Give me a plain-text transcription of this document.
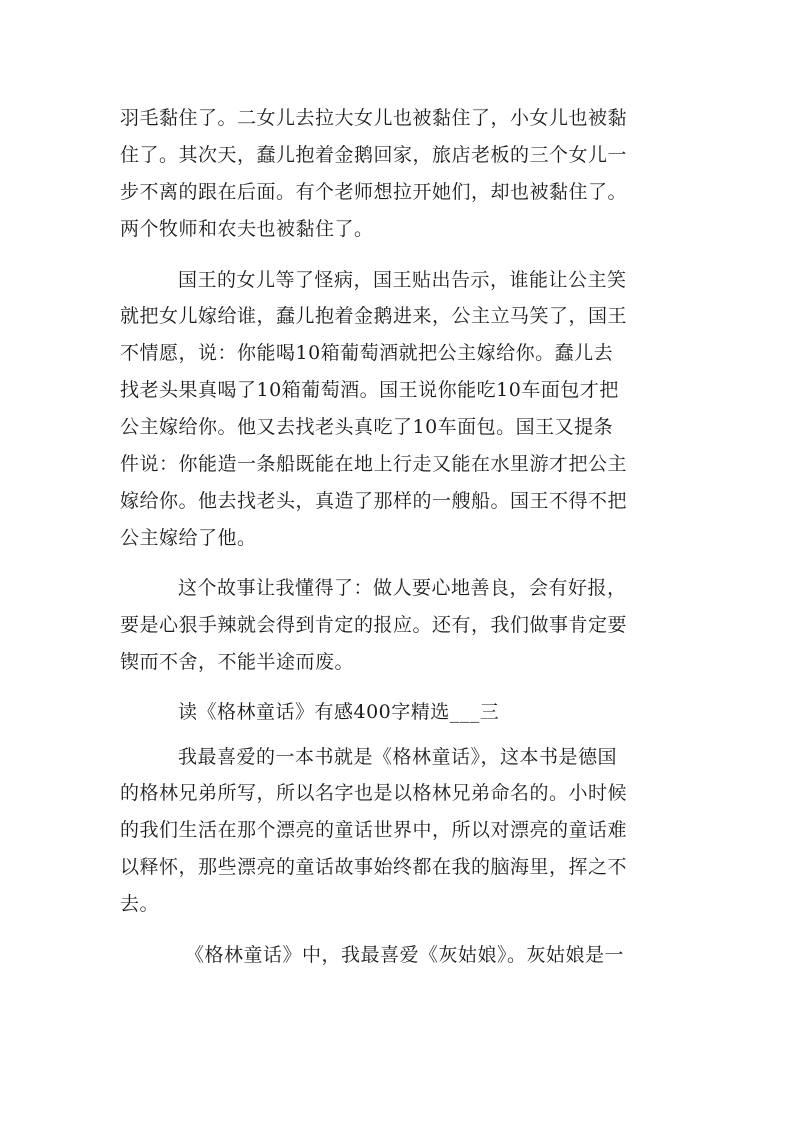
羽毛黏住了。二女儿去拉大女儿也被黏住了，小女儿也被黏
住了。其次天，蠢儿抱着金鹅回家，旅店老板的三个女儿一
步不离的跟在后面。有个老师想拉开她们，却也被黏住了。
两个牧师和农夫也被黏住了。
国王的女儿等了怪病，国王贴出告示，谁能让公主笑
就把女儿嫁给谁，蠢儿抱着金鹅进来，公主立马笑了，国王
不情愿，说：你能喝10箱葡萄酒就把公主嫁给你。蠢儿去
找老头果真喝了10箱葡萄酒。国王说你能吃10车面包才把
公主嫁给你。他又去找老头真吃了10车面包。国王又提条
件说：你能造一条船既能在地上行走又能在水里游才把公主
嫁给你。他去找老头，真造了那样的一艘船。国王不得不把
公主嫁给了他。
这个故事让我懂得了：做人要心地善良，会有好报，
要是心狠手辣就会得到肯定的报应。还有，我们做事肯定要
锲而不舍，不能半途而废。
读《格林童话》有感400字精选___三
我最喜爱的一本书就是《格林童话》，这本书是德国
的格林兄弟所写，所以名字也是以格林兄弟命名的。小时候
的我们生活在那个漂亮的童话世界中，所以对漂亮的童话难
以释怀，那些漂亮的童话故事始终都在我的脑海里，挥之不
去。
《格林童话》中，我最喜爱《灰姑娘》。灰姑娘是一
